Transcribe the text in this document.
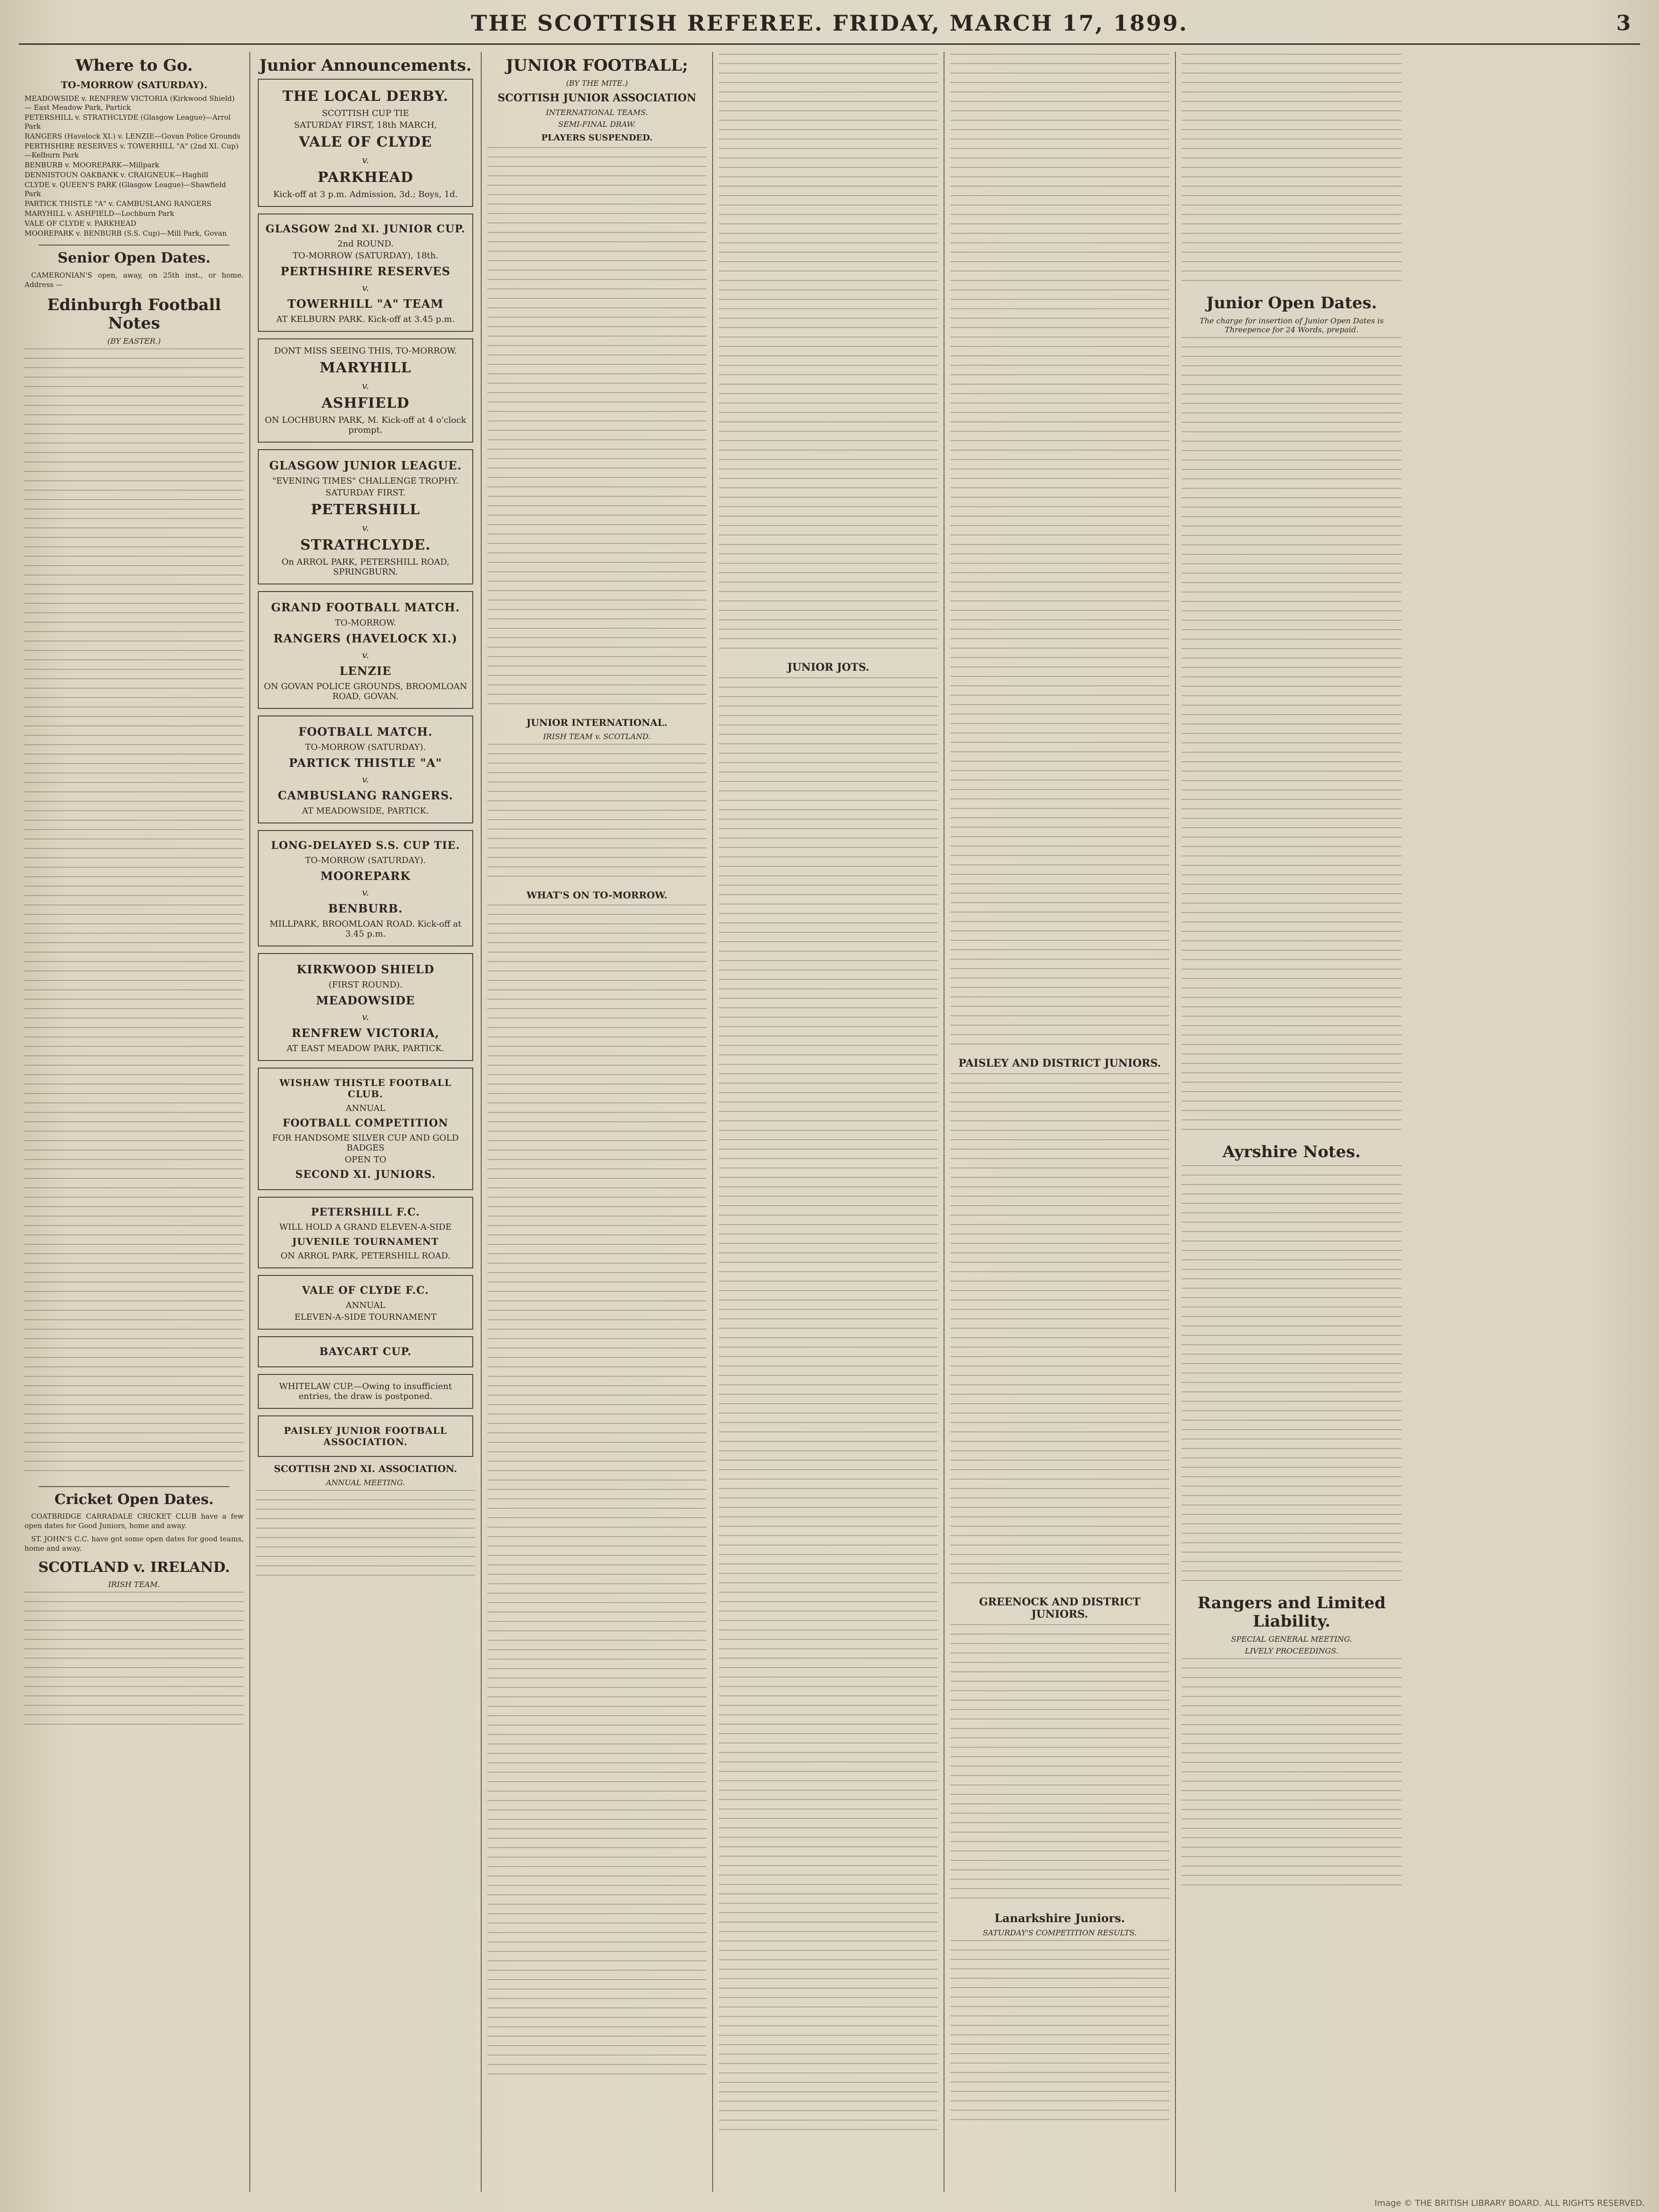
THE SCOTTISH REFEREE. FRIDAY, MARCH 17, 1899.	3
Where to Go.
TO-MORROW (SATURDAY).
MEADOWSIDE v. RENFREW VICTORIA (Kirkwood Shield) — East Meadow Park, Partick
PETERSHILL v. STRATHCLYDE (Glasgow League)—Arrol Park
RANGERS (Havelock XI.) v. LENZIE—Govan Police Grounds
PERTHSHIRE RESERVES v. TOWERHILL "A" (2nd XI. Cup)—Kelburn Park
BENBURB v. MOOREPARK—Millpark
DENNISTOUN OAKBANK v. CRAIGNEUK—Haghill
CLYDE v. QUEEN'S PARK (Glasgow League)—Shawfield Park
PARTICK THISTLE "A" v. CAMBUSLANG RANGERS
MARYHILL v. ASHFIELD—Lochburn Park
VALE OF CLYDE v. PARKHEAD
MOOREPARK v. BENBURB (S.S. Cup)—Mill Park, Govan
Senior Open Dates.
CAMERONIAN'S open, away, on 25th inst., or home. Address —
Edinburgh Football Notes
(BY EASTER.)
Cricket Open Dates.
COATBRIDGE CARRADALE CRICKET CLUB have a few open dates for Good Juniors, home and away.
ST. JOHN'S C.C. have got some open dates for good teams, home and away.
SCOTLAND v. IRELAND.
IRISH TEAM.
Junior Announcements.
THE LOCAL DERBY.
SCOTTISH CUP TIE
SATURDAY FIRST, 18th MARCH,
VALE OF CLYDE
v.
PARKHEAD
Kick-off at 3 p.m. Admission, 3d.; Boys, 1d.
GLASGOW 2nd XI. JUNIOR CUP.
2nd ROUND.
TO-MORROW (SATURDAY), 18th.
PERTHSHIRE RESERVES
v.
TOWERHILL "A" TEAM
AT KELBURN PARK. Kick-off at 3.45 p.m.
DONT MISS SEEING THIS, TO-MORROW.
MARYHILL
v.
ASHFIELD
ON LOCHBURN PARK, M. Kick-off at 4 o'clock prompt.
GLASGOW JUNIOR LEAGUE.
"EVENING TIMES" CHALLENGE TROPHY.
SATURDAY FIRST.
PETERSHILL
v.
STRATHCLYDE.
On ARROL PARK, PETERSHILL ROAD, SPRINGBURN.
GRAND FOOTBALL MATCH.
TO-MORROW.
RANGERS (HAVELOCK XI.)
v.
LENZIE
ON GOVAN POLICE GROUNDS, BROOMLOAN ROAD, GOVAN.
FOOTBALL MATCH.
TO-MORROW (SATURDAY).
PARTICK THISTLE "A"
v.
CAMBUSLANG RANGERS.
AT MEADOWSIDE, PARTICK.
LONG-DELAYED S.S. CUP TIE.
TO-MORROW (SATURDAY).
MOOREPARK
v.
BENBURB.
MILLPARK, BROOMLOAN ROAD. Kick-off at 3.45 p.m.
KIRKWOOD SHIELD
(FIRST ROUND).
MEADOWSIDE
v.
RENFREW VICTORIA,
AT EAST MEADOW PARK, PARTICK.
WISHAW THISTLE FOOTBALL CLUB.
ANNUAL
FOOTBALL COMPETITION
FOR HANDSOME SILVER CUP AND GOLD BADGES
OPEN TO
SECOND XI. JUNIORS.
PETERSHILL F.C.
WILL HOLD A GRAND ELEVEN-A-SIDE
JUVENILE TOURNAMENT
ON ARROL PARK, PETERSHILL ROAD.
VALE OF CLYDE F.C.
ANNUAL
ELEVEN-A-SIDE TOURNAMENT
BAYCART CUP.
WHITELAW CUP.—Owing to insufficient entries, the draw is postponed.
PAISLEY JUNIOR FOOTBALL ASSOCIATION.
SCOTTISH 2ND XI. ASSOCIATION.
ANNUAL MEETING.
JUNIOR FOOTBALL;
(BY THE MITE.)
SCOTTISH JUNIOR ASSOCIATION
INTERNATIONAL TEAMS.
SEMI-FINAL DRAW.
PLAYERS SUSPENDED.
JUNIOR INTERNATIONAL.
IRISH TEAM v. SCOTLAND.
WHAT'S ON TO-MORROW.
JUNIOR JOTS.
PAISLEY AND DISTRICT JUNIORS.
GREENOCK AND DISTRICT JUNIORS.
Lanarkshire Juniors.
SATURDAY'S COMPETITION RESULTS.
Junior Open Dates.
The charge for insertion of Junior Open Dates is Threepence for 24 Words, prepaid.
Ayrshire Notes.
Rangers and Limited Liability.
SPECIAL GENERAL MEETING.
LIVELY PROCEEDINGS.
Image © THE BRITISH LIBRARY BOARD. ALL RIGHTS RESERVED.
